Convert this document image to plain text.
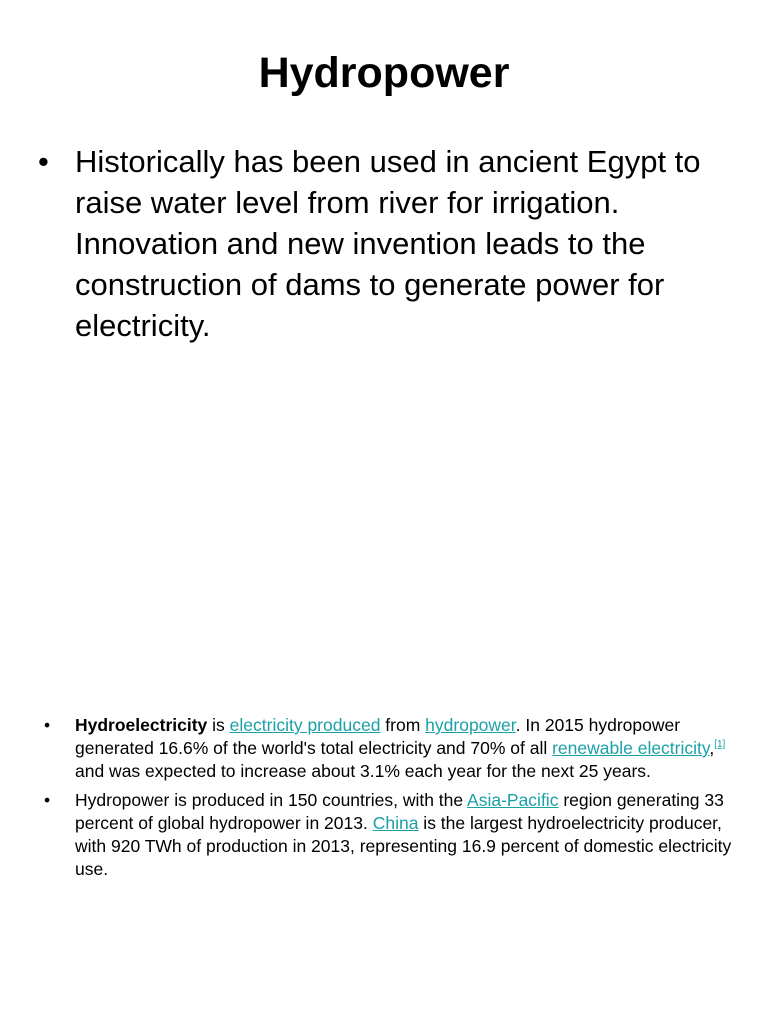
Hydropower
• Historically has been used in ancient Egypt to raise water level from river for irrigation. Innovation and new invention leads to the construction of dams to generate power for electricity.
• Hydroelectricity is electricity produced from hydropower. In 2015 hydropower generated 16.6% of the world's total electricity and 70% of all renewable electricity,[1] and was expected to increase about 3.1% each year for the next 25 years.
• Hydropower is produced in 150 countries, with the Asia-Pacific region generating 33 percent of global hydropower in 2013. China is the largest hydroelectricity producer, with 920 TWh of production in 2013, representing 16.9 percent of domestic electricity use.
